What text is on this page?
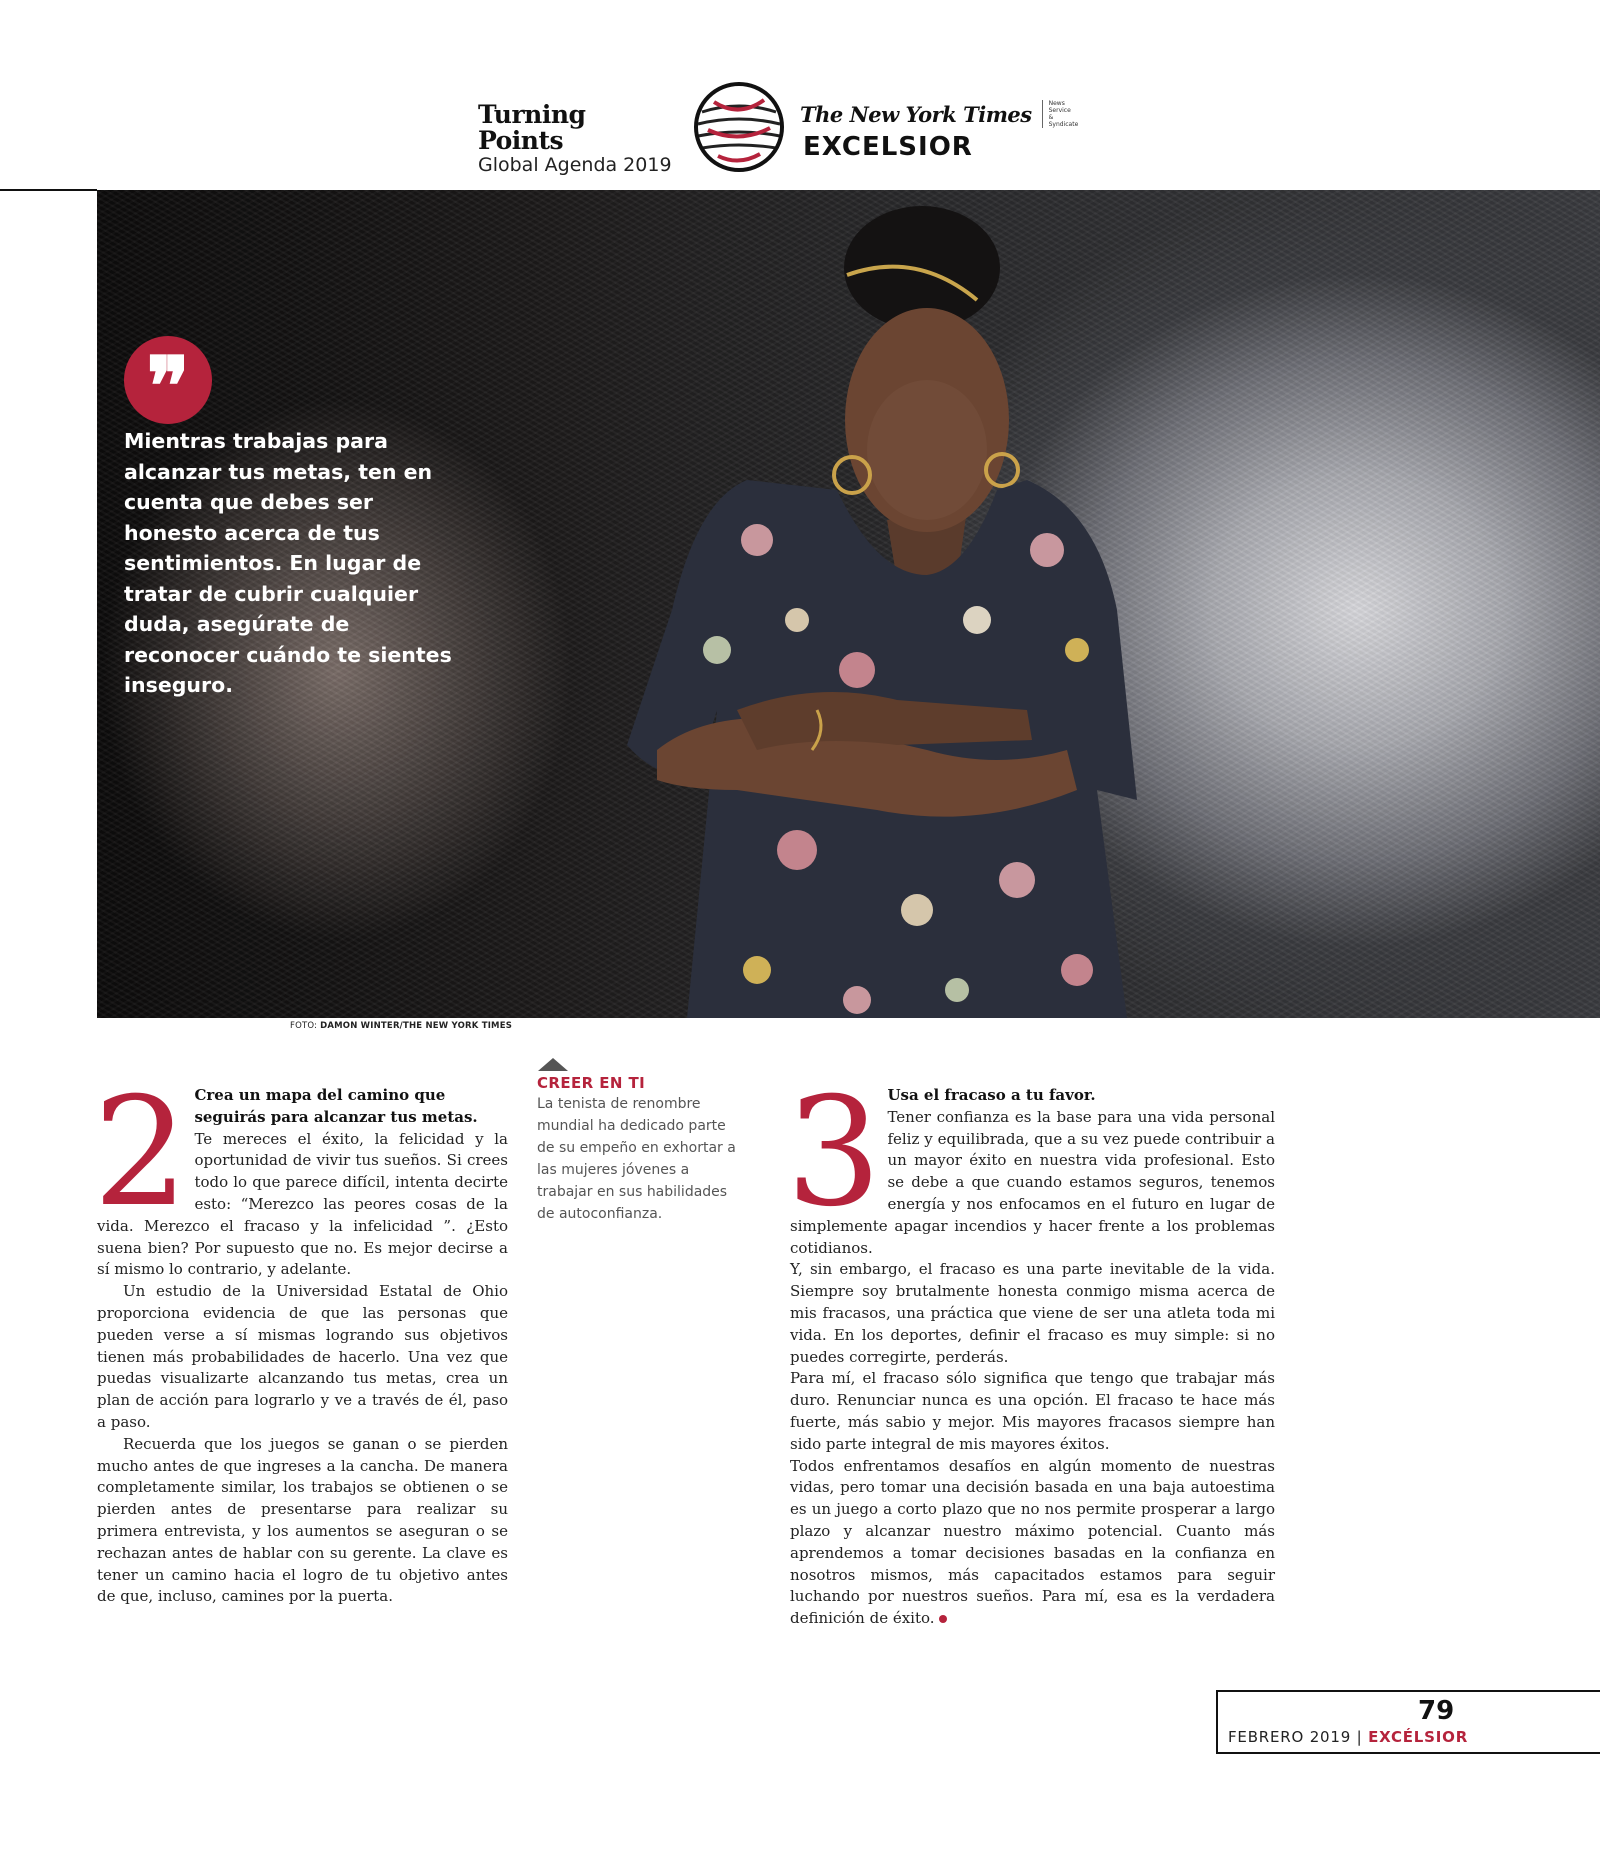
Turning Points
Global Agenda 2019
The New York Times	News Service
& Syndicate
EXCELSIOR
❞
Mientras trabajas para alcanzar tus metas, ten en cuenta que debes ser honesto acerca de tus sentimientos. En lugar de tratar de cubrir cualquier duda, asegúrate de reconocer cuándo te sientes inseguro.
FOTO: DAMON WINTER/THE NEW YORK TIMES
2 Crea un mapa del camino que seguirás para alcanzar tus metas.

Te mereces el éxito, la felicidad y la oportunidad de vivir tus sueños. Si crees todo lo que parece difícil, intenta decirte esto: “Merezco las peores cosas de la vida. Merezco el fracaso y la infelicidad ”. ¿Esto suena bien? Por supuesto que no. Es mejor decirse a sí mismo lo contrario, y adelante.

Un estudio de la Universidad Estatal de Ohio proporciona evidencia de que las personas que pueden verse a sí mismas logrando sus objetivos tienen más probabilidades de hacerlo. Una vez que puedas visualizarte alcanzando tus metas, crea un plan de acción para lograrlo y ve a través de él, paso a paso.

Recuerda que los juegos se ganan o se pierden mucho antes de que ingreses a la cancha. De manera completamente similar, los trabajos se obtienen o se pierden antes de presentarse para realizar su primera entrevista, y los aumentos se aseguran o se rechazan antes de hablar con su gerente. La clave es tener un camino hacia el logro de tu objetivo antes de que, incluso, camines por la puerta.

CREER EN TI
La tenista de renombre mundial ha dedicado parte de su empeño en exhortar a las mujeres jóvenes a trabajar en sus habilidades de autoconfianza. 3 Usa el fracaso a tu favor.

Tener confianza es la base para una vida personal feliz y equilibrada, que a su vez puede contribuir a un mayor éxito en nuestra vida profesional. Esto se debe a que cuando estamos seguros, tenemos energía y nos enfocamos en el futuro en lugar de simplemente apagar incendios y hacer frente a los problemas cotidianos.

Y, sin embargo, el fracaso es una parte inevitable de la vida. Siempre soy brutalmente honesta conmigo misma acerca de mis fracasos, una práctica que viene de ser una atleta toda mi vida. En los deportes, definir el fracaso es muy simple: si no puedes corregirte, perderás.

Para mí, el fracaso sólo significa que tengo que trabajar más duro. Renunciar nunca es una opción. El fracaso te hace más fuerte, más sabio y mejor. Mis mayores fracasos siempre han sido parte integral de mis mayores éxitos.

Todos enfrentamos desafíos en algún momento de nuestras vidas, pero tomar una decisión basada en una baja autoestima es un juego a corto plazo que no nos permite prosperar a largo plazo y alcanzar nuestro máximo potencial. Cuanto más aprendemos a tomar decisiones basadas en la confianza en nosotros mismos, más capacitados estamos para seguir luchando por nuestros sueños. Para mí, esa es la verdadera definición de éxito.

79
FEBRERO 2019 | EXCÉLSIOR
